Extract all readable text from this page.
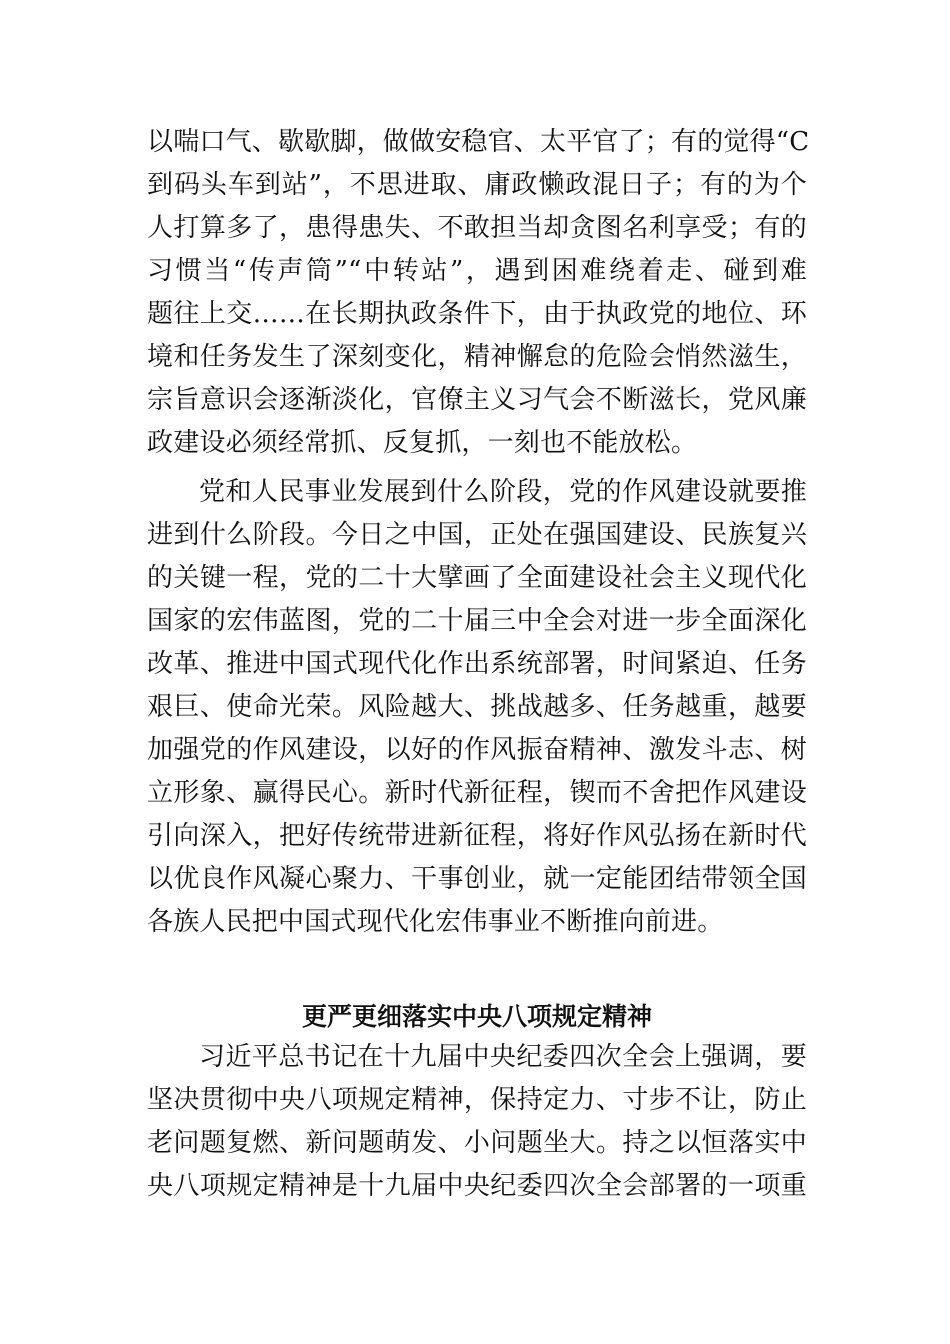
以喘口气、歇歇脚，做做安稳官、太平官了；有的觉得“C
到码头车到站”，不思进取、庸政懒政混日子；有的为个
人打算多了，患得患失、不敢担当却贪图名利享受；有的
习惯当“传声筒”“中转站”，遇到困难绕着走、碰到难
题往上交……在长期执政条件下，由于执政党的地位、环
境和任务发生了深刻变化，精神懈怠的危险会悄然滋生，
宗旨意识会逐渐淡化，官僚主义习气会不断滋长，党风廉
政建设必须经常抓、反复抓，一刻也不能放松。
党和人民事业发展到什么阶段，党的作风建设就要推
进到什么阶段。今日之中国，正处在强国建设、民族复兴
的关键一程，党的二十大擘画了全面建设社会主义现代化
国家的宏伟蓝图，党的二十届三中全会对进一步全面深化
改革、推进中国式现代化作出系统部署，时间紧迫、任务
艰巨、使命光荣。风险越大、挑战越多、任务越重，越要
加强党的作风建设，以好的作风振奋精神、激发斗志、树
立形象、赢得民心。新时代新征程，锲而不舍把作风建设
引向深入，把好传统带进新征程，将好作风弘扬在新时代
以优良作风凝心聚力、干事创业，就一定能团结带领全国
各族人民把中国式现代化宏伟事业不断推向前进。
更严更细落实中央八项规定精神
习近平总书记在十九届中央纪委四次全会上强调，要
坚决贯彻中央八项规定精神，保持定力、寸步不让，防止
老问题复燃、新问题萌发、小问题坐大。持之以恒落实中
央八项规定精神是十九届中央纪委四次全会部署的一项重
